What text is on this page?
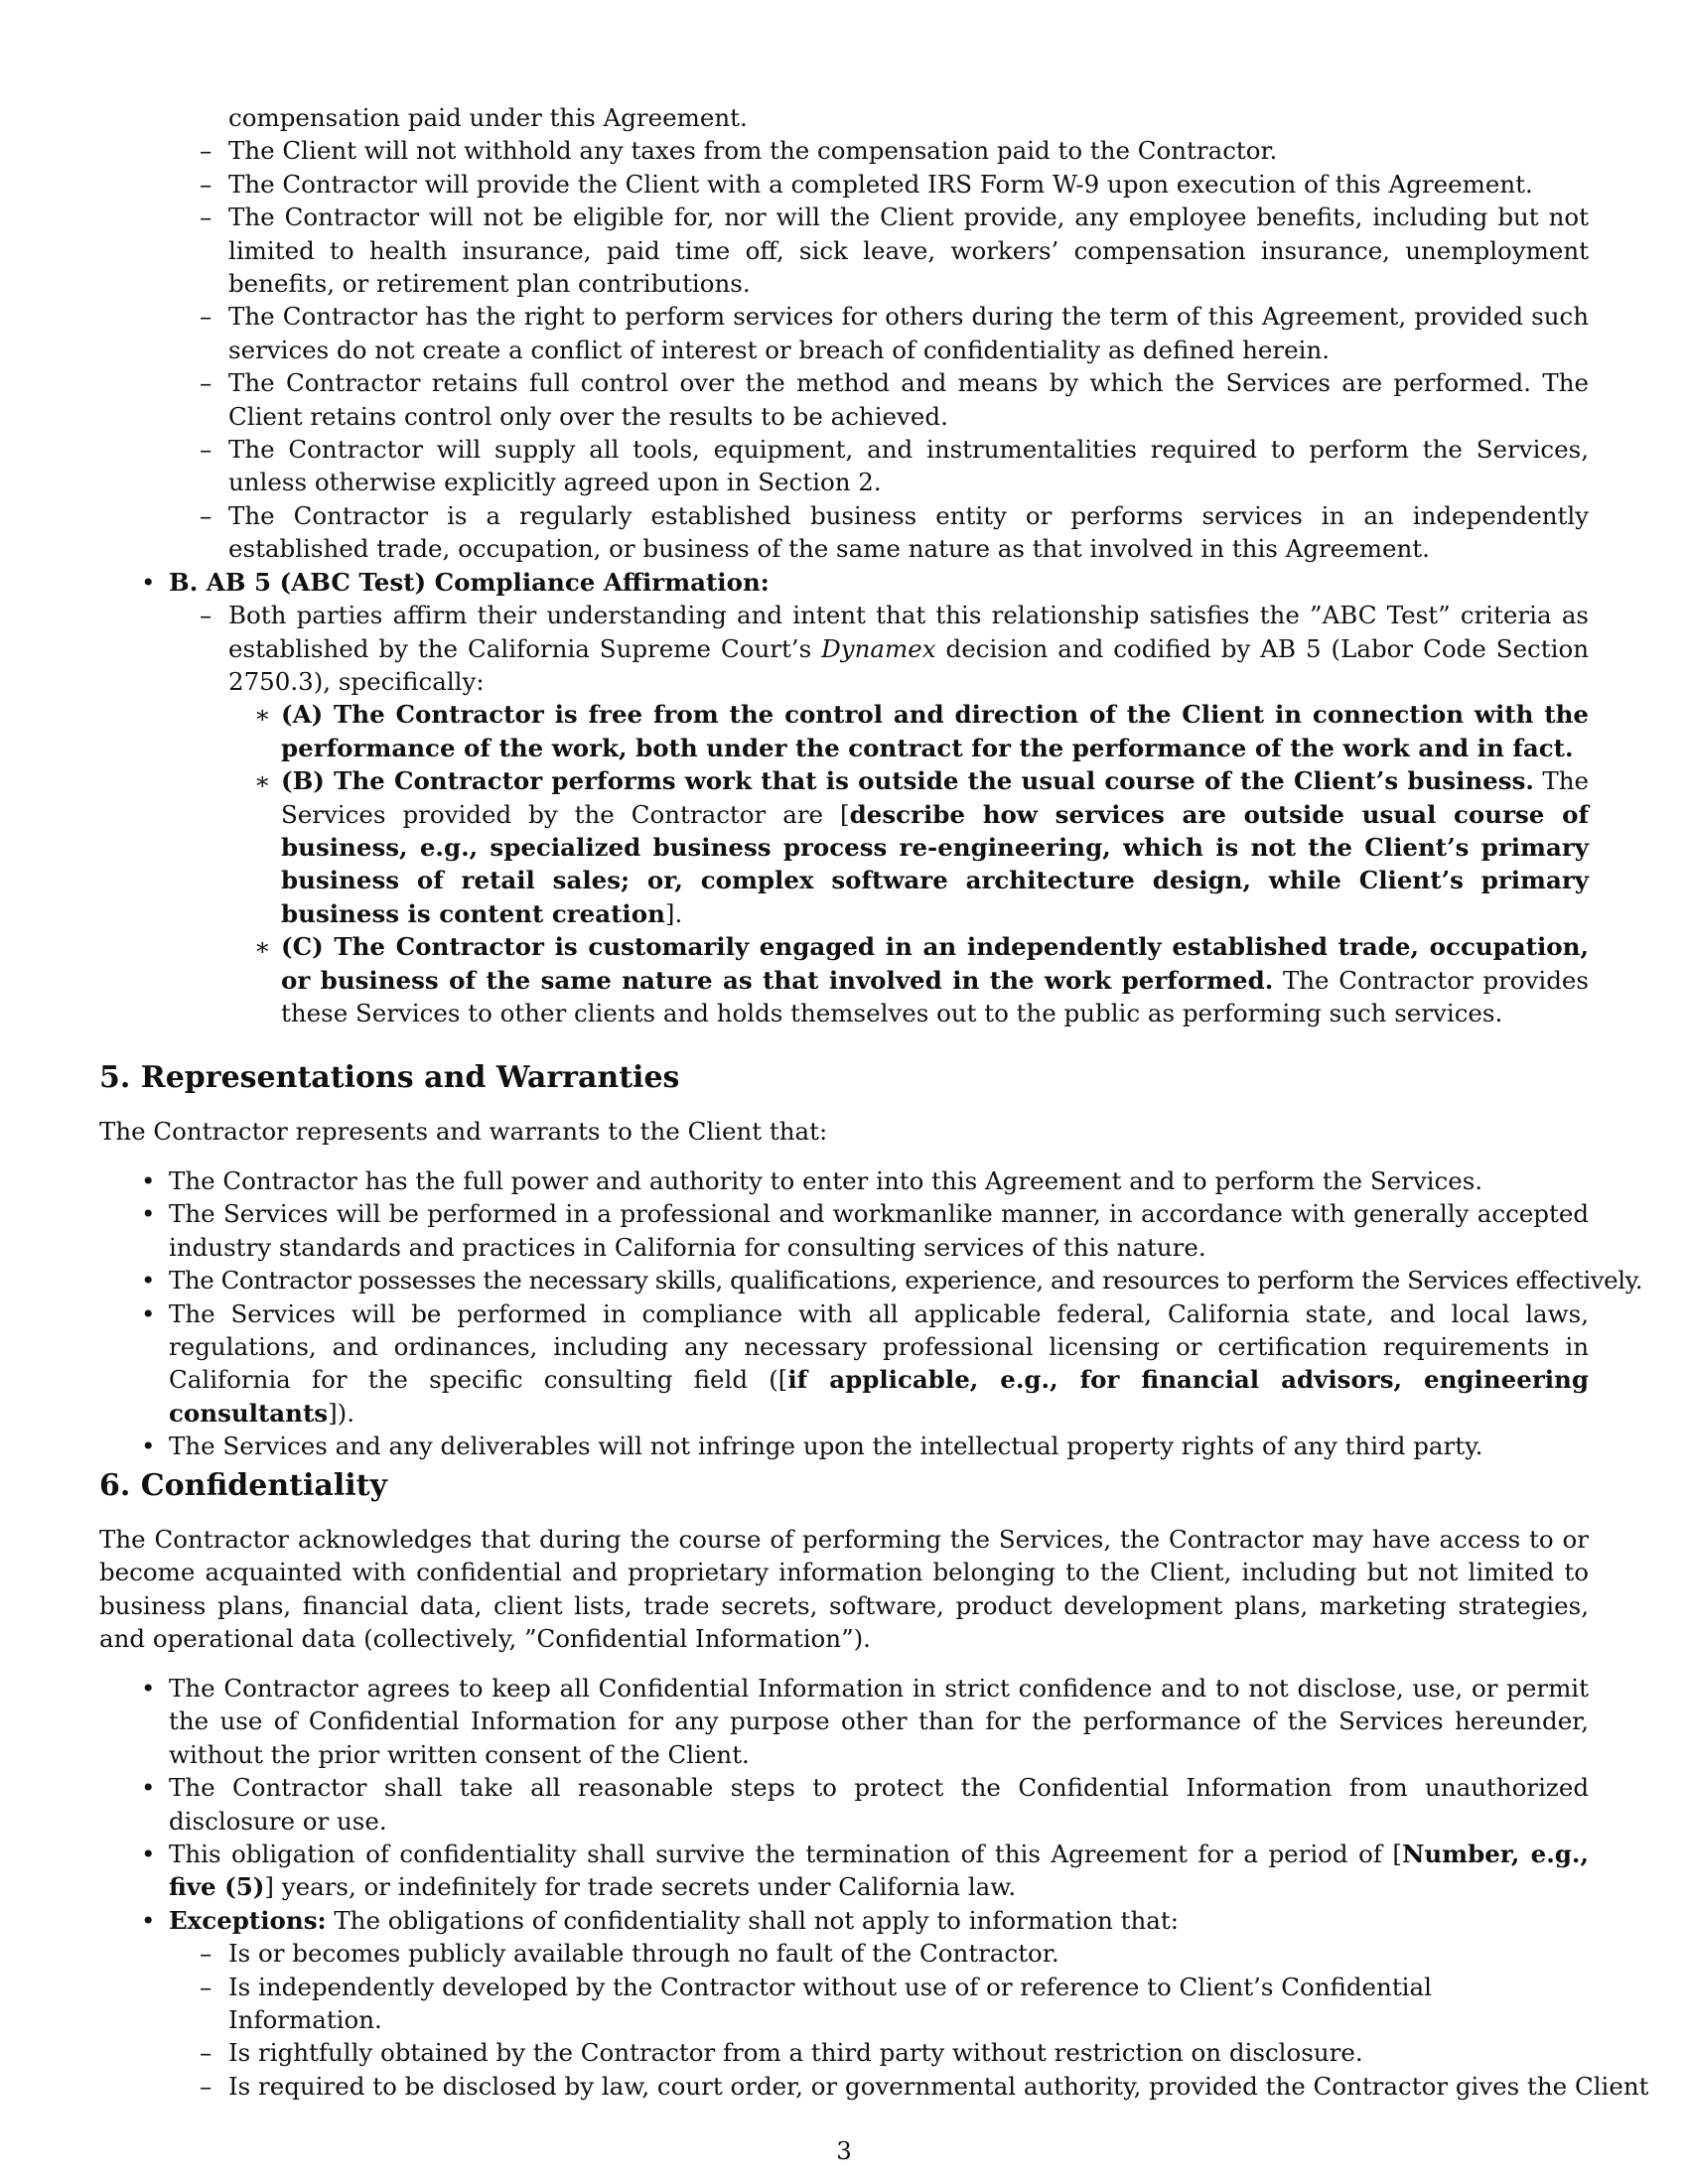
compensation paid under this Agreement.

– The Client will not withhold any taxes from the compensation paid to the Contractor.
– The Contractor will provide the Client with a completed IRS Form W-9 upon execution of this Agreement.
– The Contractor will not be eligible for, nor will the Client provide, any employee benefits, including but not limited to health insurance, paid time off, sick leave, workers’ compensation insurance, unemployment benefits, or retirement plan contributions.
– The Contractor has the right to perform services for others during the term of this Agreement, provided such services do not create a conflict of interest or breach of confidentiality as defined herein.
– The Contractor retains full control over the method and means by which the Services are performed. The Client retains control only over the results to be achieved.
– The Contractor will supply all tools, equipment, and instrumentalities required to perform the Services, unless otherwise explicitly agreed upon in Section 2.
– The Contractor is a regularly established business entity or performs services in an independently established trade, occupation, or business of the same nature as that involved in this Agreement.
• B. AB 5 (ABC Test) Compliance Affirmation:
– Both parties affirm their understanding and intent that this relationship satisfies the ”ABC Test” criteria as established by the California Supreme Court’s Dynamex decision and codified by AB 5 (Labor Code Section 2750.3), specifically:
∗ (A) The Contractor is free from the control and direction of the Client in connection with the performance of the work, both under the contract for the performance of the work and in fact.
∗ (B) The Contractor performs work that is outside the usual course of the Client’s business. The Services provided by the Contractor are [describe how services are outside usual course of business, e.g., specialized business process re-engineering, which is not the Client’s primary business of retail sales; or, complex software architecture design, while Client’s primary business is content creation].
∗ (C) The Contractor is customarily engaged in an independently established trade, occupation, or business of the same nature as that involved in the work performed. The Contractor provides these Services to other clients and holds themselves out to the public as performing such services.
5. Representations and Warranties

The Contractor represents and warrants to the Client that:

• The Contractor has the full power and authority to enter into this Agreement and to perform the Services.
• The Services will be performed in a professional and workmanlike manner, in accordance with generally accepted industry standards and practices in California for consulting services of this nature.
• The Contractor possesses the necessary skills, qualifications, experience, and resources to perform the Services effectively.
• The Services will be performed in compliance with all applicable federal, California state, and local laws, regulations, and ordinances, including any necessary professional licensing or certification requirements in California for the specific consulting field ([if applicable, e.g., for financial advisors, engineering consultants]).
• The Services and any deliverables will not infringe upon the intellectual property rights of any third party.
6. Confidentiality

The Contractor acknowledges that during the course of performing the Services, the Contractor may have access to or become acquainted with confidential and proprietary information belonging to the Client, including but not limited to business plans, financial data, client lists, trade secrets, software, product development plans, marketing strategies, and operational data (collectively, ”Confidential Information”).

• The Contractor agrees to keep all Confidential Information in strict confidence and to not disclose, use, or permit the use of Confidential Information for any purpose other than for the performance of the Services hereunder, without the prior written consent of the Client.
• The Contractor shall take all reasonable steps to protect the Confidential Information from unauthorized disclosure or use.
• This obligation of confidentiality shall survive the termination of this Agreement for a period of [Number, e.g., five (5)] years, or indefinitely for trade secrets under California law.
• Exceptions: The obligations of confidentiality shall not apply to information that:
– Is or becomes publicly available through no fault of the Contractor.
– Is independently developed by the Contractor without use of or reference to Client’s Confidential Information.
– Is rightfully obtained by the Contractor from a third party without restriction on disclosure.
– Is required to be disclosed by law, court order, or governmental authority, provided the Contractor gives the Client
3
